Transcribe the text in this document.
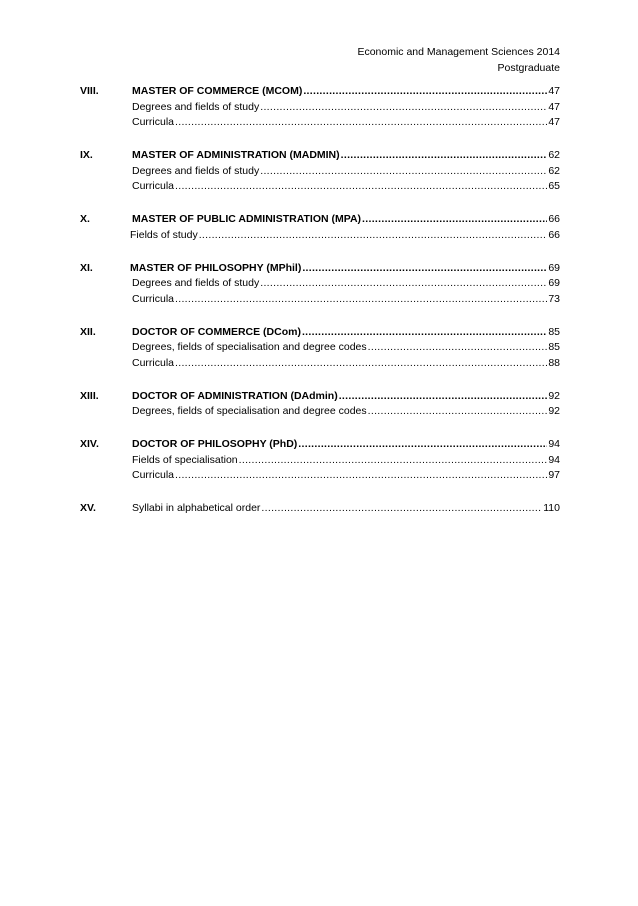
Economic and Management Sciences 2014
Postgraduate
VIII.	MASTER OF COMMERCE (MCOM) .....	47
Degrees and fields of study .....	47
Curricula .....	47
IX.	MASTER OF ADMINISTRATION (MADMIN) .....	62
Degrees and fields of study .....	62
Curricula .....	65
X.	MASTER OF PUBLIC ADMINISTRATION (MPA) .....	66
Fields of study .....	66
XI.	MASTER OF PHILOSOPHY (MPhil) .....	69
Degrees and fields of study .....	69
Curricula .....	73
XII.	DOCTOR OF COMMERCE (DCom) .....	85
Degrees, fields of specialisation and degree codes .....	85
Curricula .....	88
XIII.	DOCTOR OF ADMINISTRATION (DAdmin) .....	92
Degrees, fields of specialisation and degree codes .....	92
XIV.	DOCTOR OF PHILOSOPHY (PhD) .....	94
Fields of specialisation .....	94
Curricula .....	97
XV.	Syllabi in alphabetical order .....	110
